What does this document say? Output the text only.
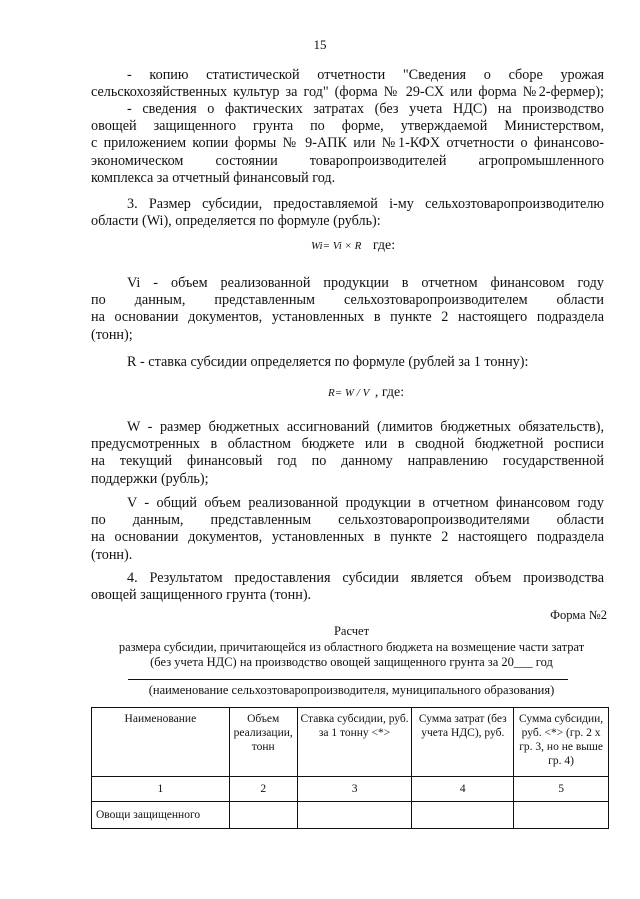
15
- копию статистической отчетности "Сведения о сборе урожая
сельскохозяйственных культур за год" (форма № 29-СХ или форма №2-фермер);
- сведения о фактических затратах (без учета НДС) на производство
овощей защищенного грунта по форме, утверждаемой Министерством,
с приложением копии формы № 9-АПК или №1-КФХ отчетности о финансово-
экономическом состоянии товаропроизводителей агропромышленного
комплекса за отчетный финансовый год.
3. Размер субсидии, предоставляемой i-му сельхозтоваропроизводителю
области (Wi), определяется по формуле (рубль):
Wi= Vi × R где:
Vi - объем реализованной продукции в отчетном финансовом году
по данным, представленным сельхозтоваропроизводителем области
на основании документов, установленных в пункте 2 настоящего подраздела
(тонн);
R - ставка субсидии определяется по формуле (рублей за 1 тонну):
R= W / V , где:
W - размер бюджетных ассигнований (лимитов бюджетных обязательств),
предусмотренных в областном бюджете или в сводной бюджетной росписи
на текущий финансовый год по данному направлению государственной
поддержки (рубль);
V - общий объем реализованной продукции в отчетном финансовом году
по данным, представленным сельхозтоваропроизводителями области
на основании документов, установленных в пункте 2 настоящего подраздела
(тонн).
4. Результатом предоставления субсидии является объем производства
овощей защищенного грунта (тонн).
Форма №2
Расчет
размера субсидии, причитающейся из областного бюджета на возмещение части затрат
(без учета НДС) на производство овощей защищенного грунта за 20___ год
(наименование сельхозтоваропроизводителя, муниципального образования)
Наименование	Объем реализации, тонн	Ставка субсидии, руб. за 1 тонну <*>	Сумма затрат (без учета НДС), руб.	Сумма субсидии, руб. <*> (гр. 2 х гр. 3, но не выше гр. 4)
1	2	3	4	5
Овощи защищенного				
